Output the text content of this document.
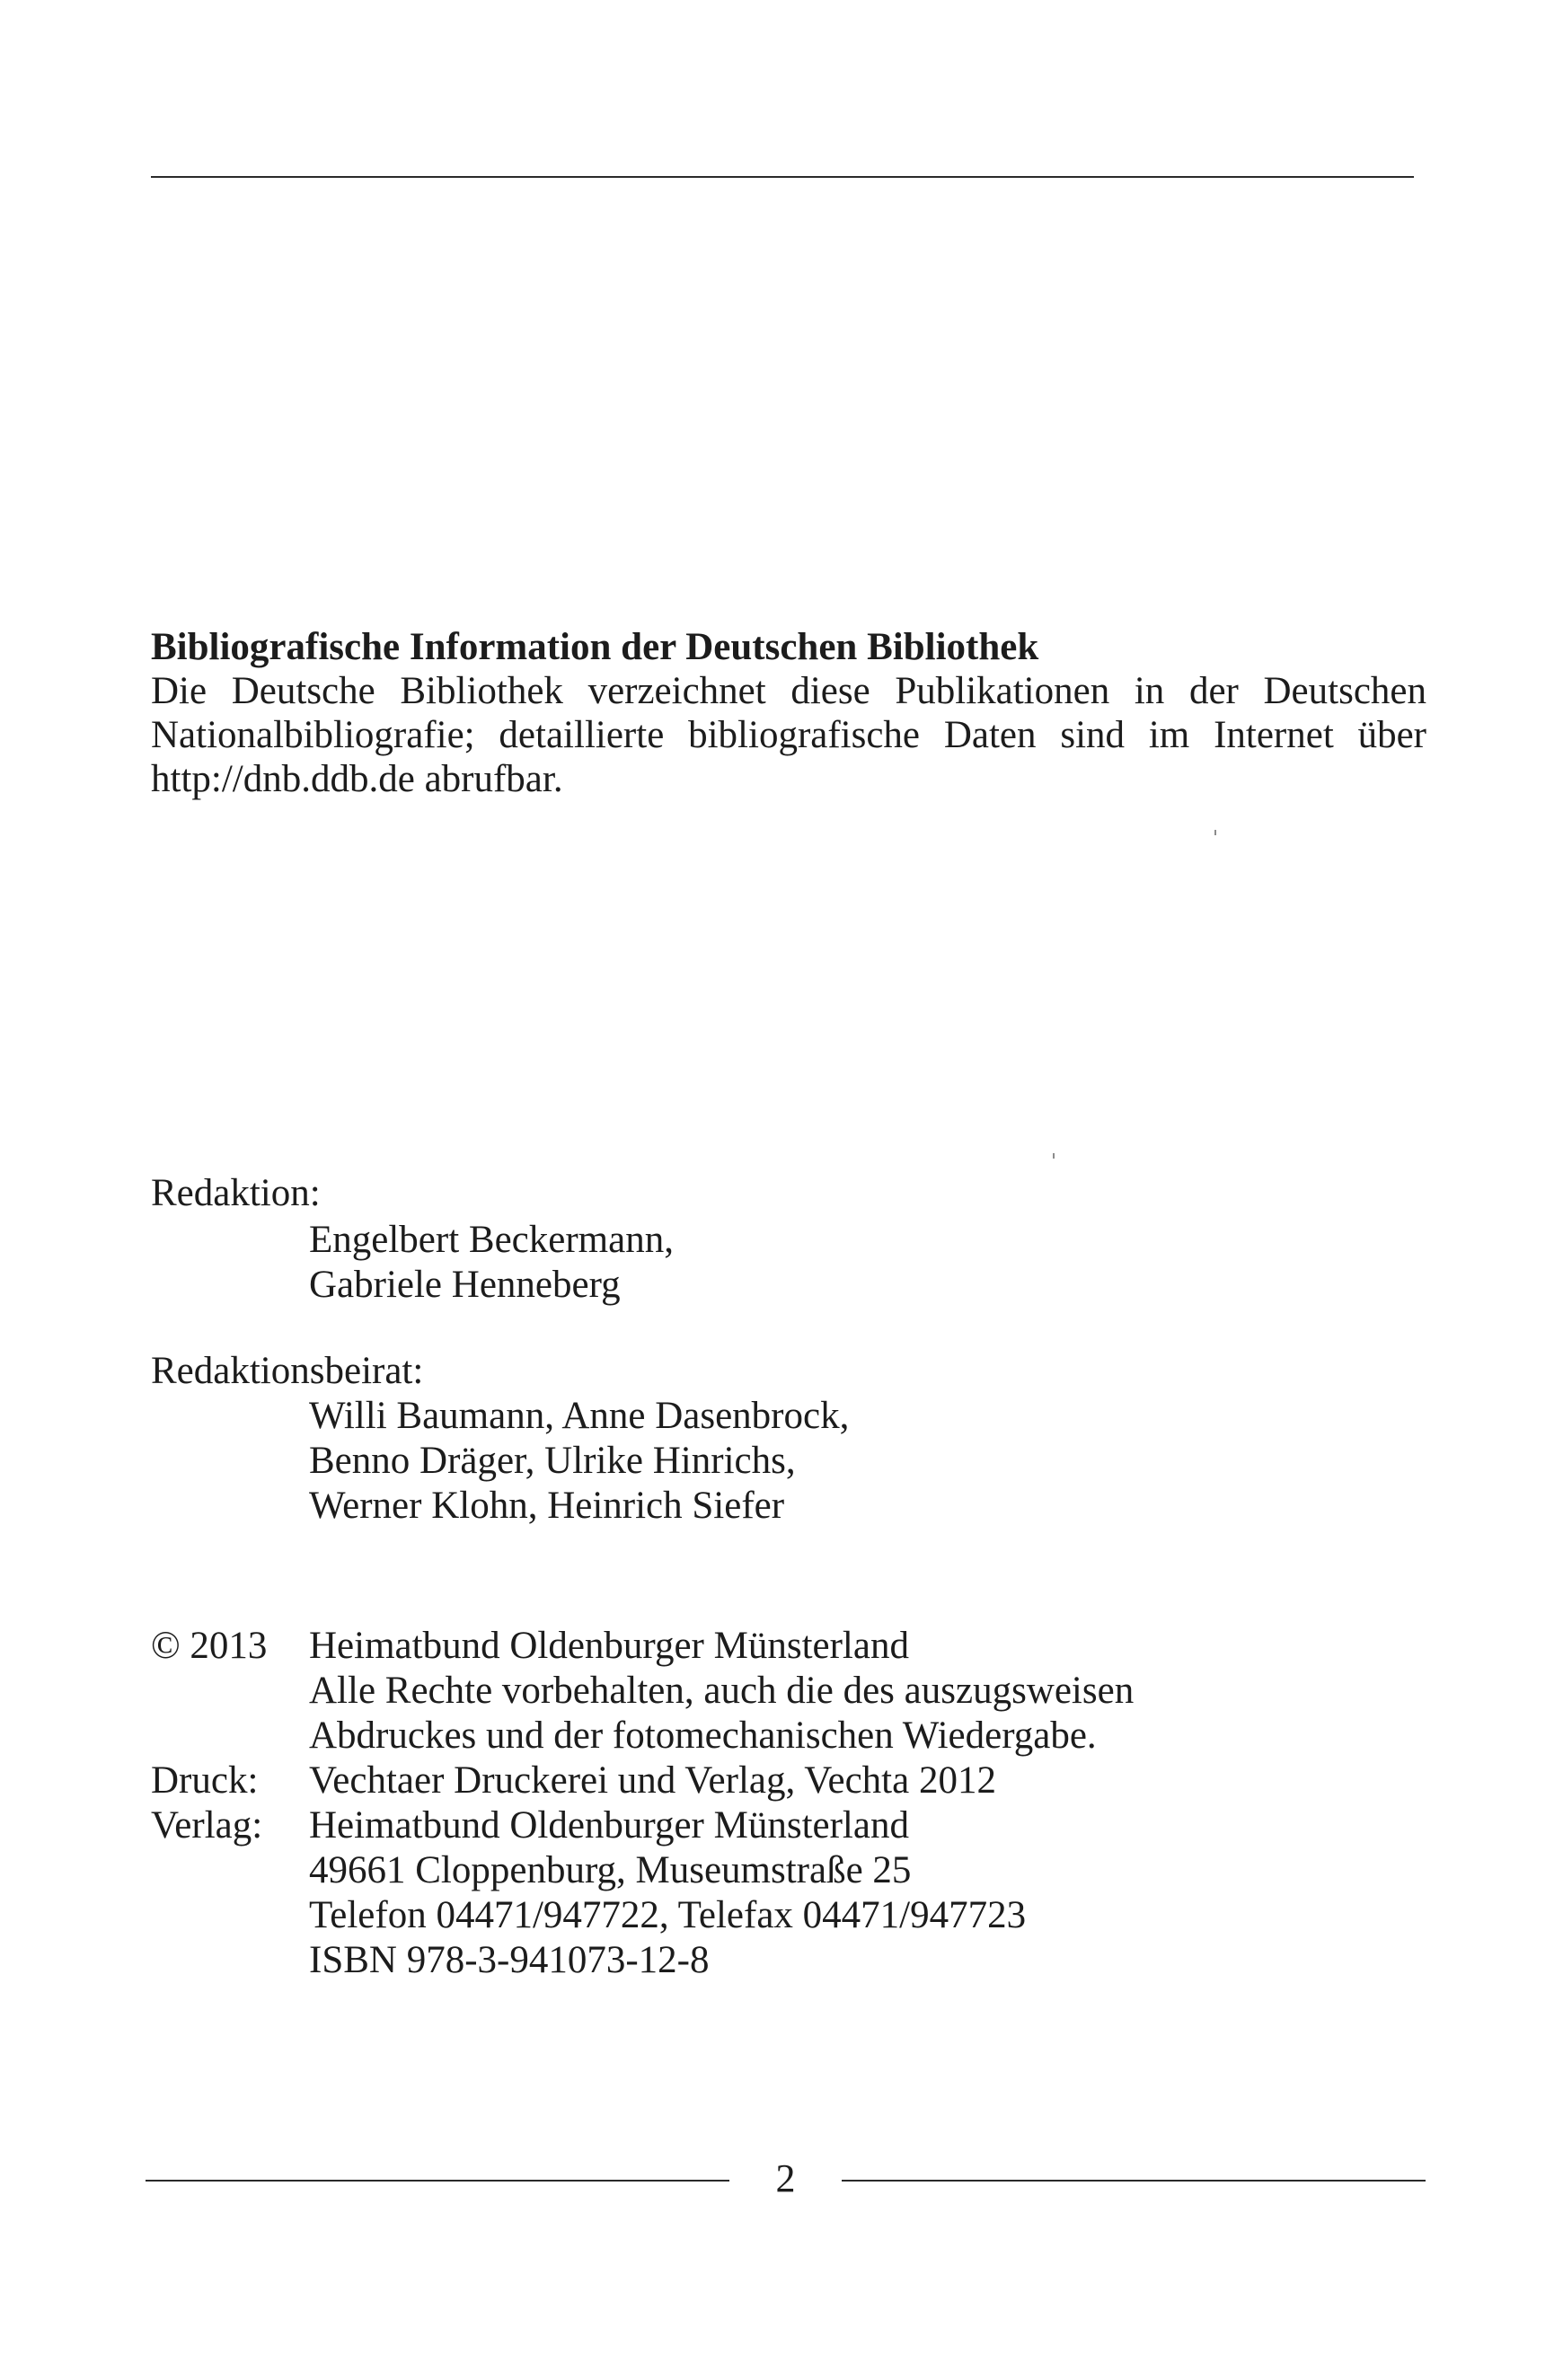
Bibliografische Information der Deutschen Bibliothek
Die Deutsche Bibliothek verzeichnet diese Publikationen in der Deutschen Nationalbibliografie; detaillierte bibliografische Daten sind im Internet über http://dnb.ddb.de abrufbar.
Redaktion:
Engelbert Beckermann,
Gabriele Henneberg
Redaktionsbeirat:
Willi Baumann, Anne Dasenbrock,
Benno Dräger, Ulrike Hinrichs,
Werner Klohn, Heinrich Siefer
© 2013 Heimatbund Oldenburger Münsterland
Alle Rechte vorbehalten, auch die des auszugsweisen
Abdruckes und der fotomechanischen Wiedergabe.
Druck: Vechtaer Druckerei und Verlag, Vechta 2012
Verlag: Heimatbund Oldenburger Münsterland
49661 Cloppenburg, Museumstraße 25
Telefon 04471/947722, Telefax 04471/947723
ISBN 978-3-941073-12-8
2
